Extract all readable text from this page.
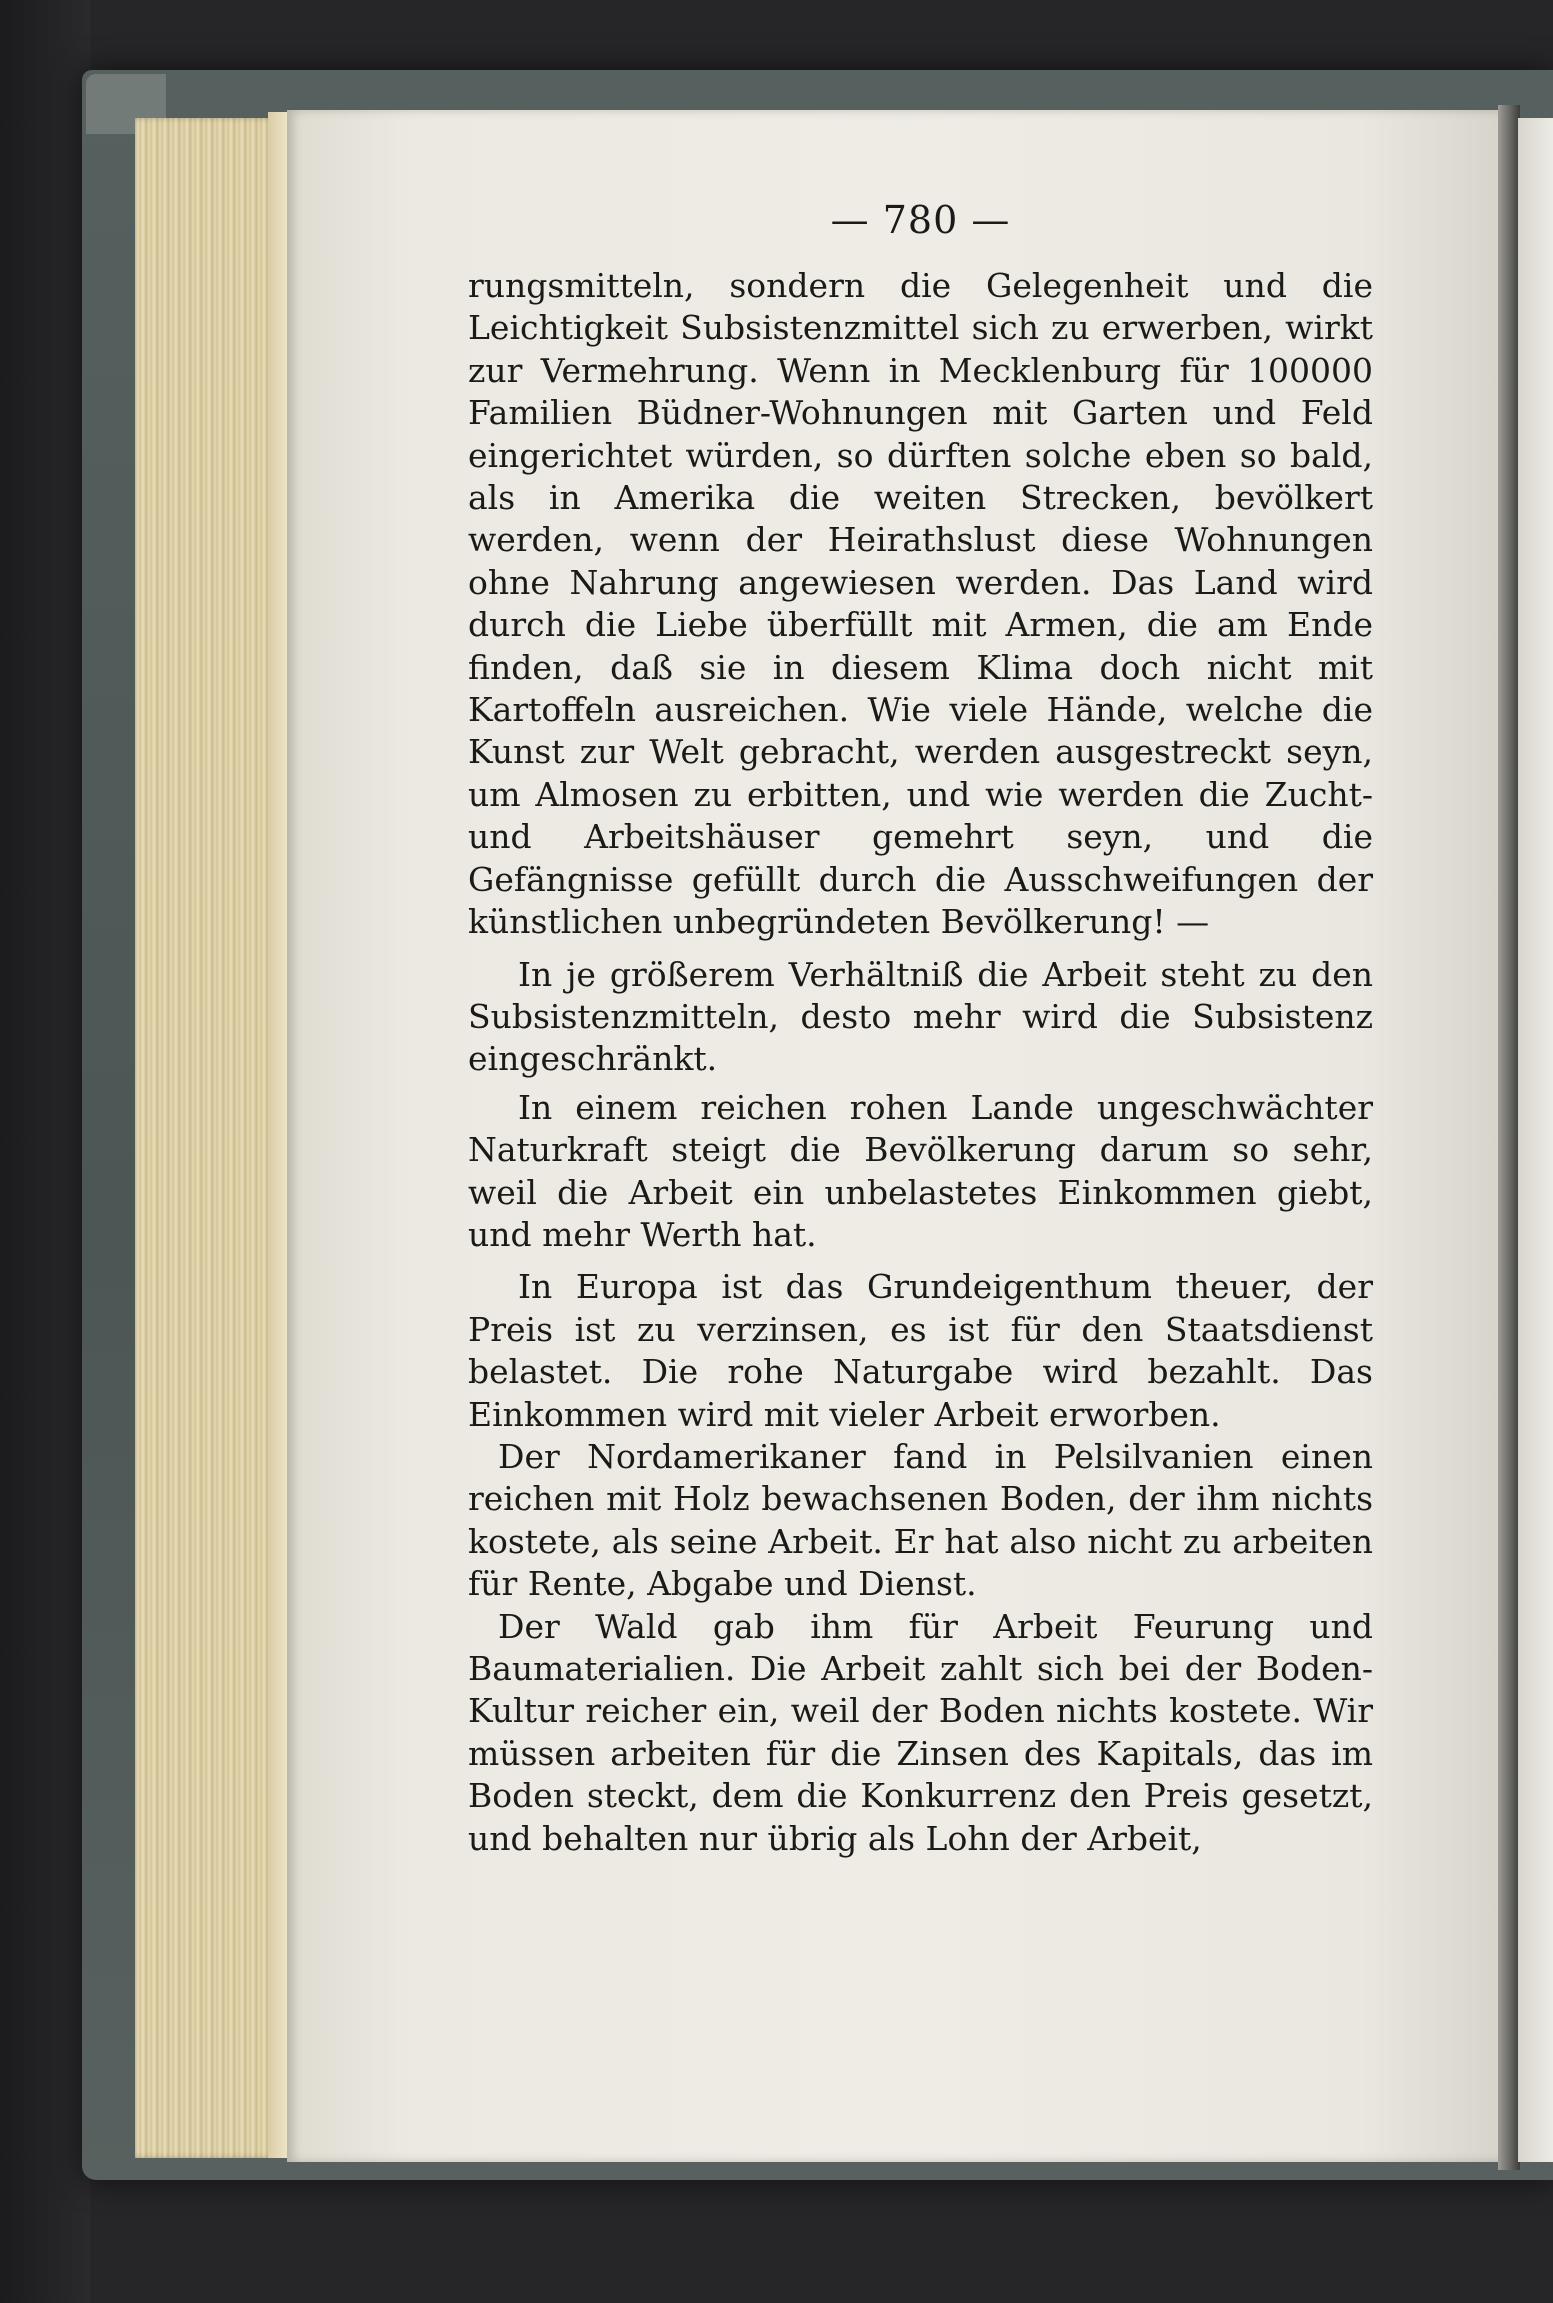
— 780 —

rungsmitteln, sondern die Gelegenheit und die Leichtigkeit Subsistenzmittel sich zu erwerben, wirkt zur Vermehrung. Wenn in Mecklenburg für 100000 Familien Büdner-Wohnungen mit Garten und Feld eingerichtet würden, so dürften solche eben so bald, als in Amerika die weiten Strecken, bevölkert werden, wenn der Heirathslust diese Wohnungen ohne Nahrung angewiesen werden. Das Land wird durch die Liebe überfüllt mit Armen, die am Ende finden, daß sie in diesem Klima doch nicht mit Kartoffeln ausreichen. Wie viele Hände, welche die Kunst zur Welt gebracht, werden ausgestreckt seyn, um Almosen zu erbitten, und wie werden die Zucht- und Arbeitshäuser gemehrt seyn, und die Gefängnisse gefüllt durch die Ausschweifungen der künstlichen unbegründeten Bevölkerung! —

In je größerem Verhältniß die Arbeit steht zu den Subsistenzmitteln, desto mehr wird die Subsistenz eingeschränkt.

In einem reichen rohen Lande ungeschwächter Naturkraft steigt die Bevölkerung darum so sehr, weil die Arbeit ein unbelastetes Einkommen giebt, und mehr Werth hat.

In Europa ist das Grundeigenthum theuer, der Preis ist zu verzinsen, es ist für den Staatsdienst belastet. Die rohe Naturgabe wird bezahlt. Das Einkommen wird mit vieler Arbeit erworben.

Der Nordamerikaner fand in Pelsilvanien einen reichen mit Holz bewachsenen Boden, der ihm nichts kostete, als seine Arbeit. Er hat also nicht zu arbeiten für Rente, Abgabe und Dienst.

Der Wald gab ihm für Arbeit Feurung und Baumaterialien. Die Arbeit zahlt sich bei der Boden-Kultur reicher ein, weil der Boden nichts kostete. Wir müssen arbeiten für die Zinsen des Kapitals, das im Boden steckt, dem die Konkurrenz den Preis gesetzt, und behalten nur übrig als Lohn der Arbeit,
